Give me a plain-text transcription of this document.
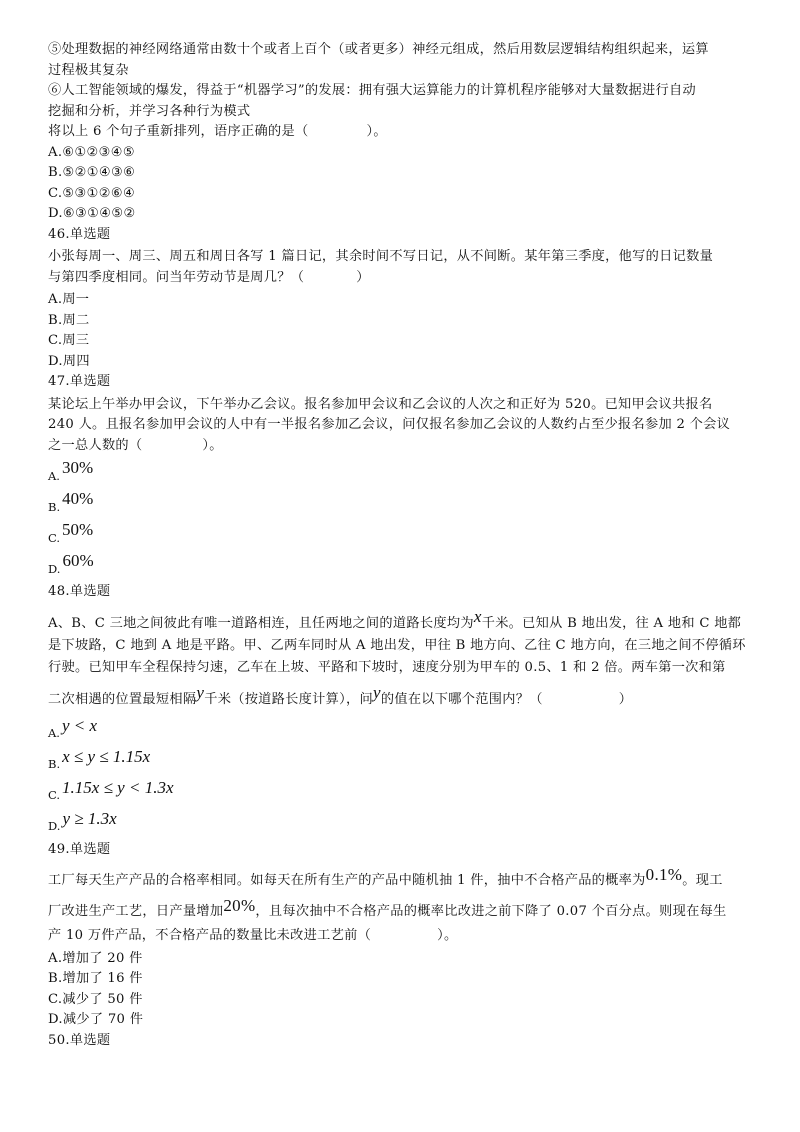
⑤处理数据的神经网络通常由数十个或者上百个（或者更多）神经元组成，然后用数层逻辑结构组织起来，运算
过程极其复杂
⑥人工智能领域的爆发，得益于“机器学习”的发展：拥有强大运算能力的计算机程序能够对大量数据进行自动
挖掘和分析，并学习各种行为模式
将以上 6 个句子重新排列，语序正确的是（	）。
A.⑥①②③④⑤
B.⑤②①④③⑥
C.⑤③①②⑥④
D.⑥③①④⑤②
46.单选题
小张每周一、周三、周五和周日各写 1 篇日记，其余时间不写日记，从不间断。某年第三季度，他写的日记数量
与第四季度相同。问当年劳动节是周几？（	）
A.周一
B.周二
C.周三
D.周四
47.单选题
某论坛上午举办甲会议，下午举办乙会议。报名参加甲会议和乙会议的人次之和正好为 520。已知甲会议共报名
240 人。且报名参加甲会议的人中有一半报名参加乙会议，问仅报名参加乙会议的人数约占至少报名参加 2 个会议
之一总人数的（	）。
A. 30%
B. 40%
C. 50%
D. 60%
48.单选题
A、B、C 三地之间彼此有唯一道路相连，且任两地之间的道路长度均为x千米。已知从 B 地出发，往 A 地和 C 地都
是下坡路，C 地到 A 地是平路。甲、乙两车同时从 A 地出发，甲往 B 地方向、乙往 C 地方向，在三地之间不停循环
行驶。已知甲车全程保持匀速，乙车在上坡、平路和下坡时，速度分别为甲车的 0.5、1 和 2 倍。两车第一次和第
二次相遇的位置最短相隔y千米（按道路长度计算），问y的值在以下哪个范围内？（	）
A. y < x
B. x ≤ y ≤ 1.15x
C. 1.15x ≤ y < 1.3x
D. y ≥ 1.3x
49.单选题
工厂每天生产产品的合格率相同。如每天在所有生产的产品中随机抽 1 件，抽中不合格产品的概率为0.1%。现工
厂改进生产工艺，日产量增加20%，且每次抽中不合格产品的概率比改进之前下降了 0.07 个百分点。则现在每生
产 10 万件产品，不合格产品的数量比未改进工艺前（	）。
A.增加了 20 件
B.增加了 16 件
C.减少了 50 件
D.减少了 70 件
50.单选题
